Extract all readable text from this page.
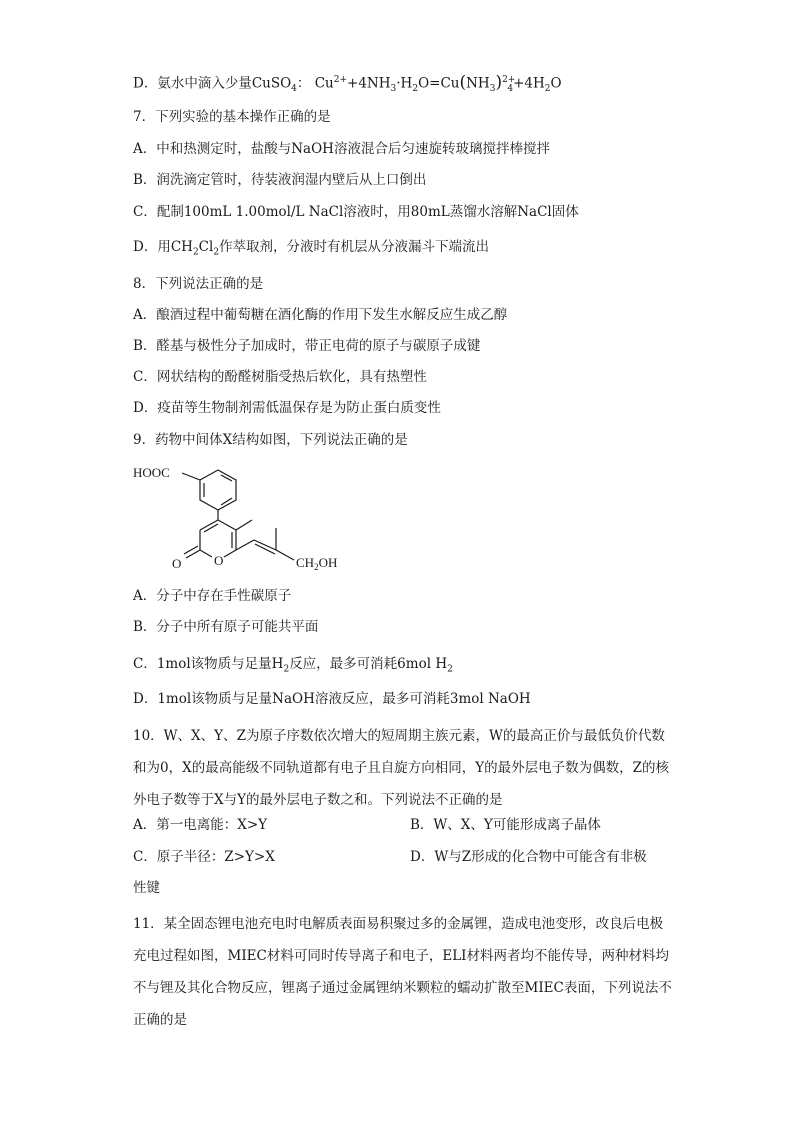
D．氨水中滴入少量CuSO$_4$： $Cu^{2+}+4NH_3\cdot H_2O=Cu(NH_3)^{2+}_4+4H_2O$
7．下列实验的基本操作正确的是
A．中和热测定时，盐酸与NaOH溶液混合后匀速旋转玻璃搅拌棒搅拌
B．润洗滴定管时，待装液润湿内壁后从上口倒出
C．配制100mL 1.00mol/L NaCl溶液时，用80mL蒸馏水溶解NaCl固体
D．用$CH_2Cl_2$作萃取剂，分液时有机层从分液漏斗下端流出
8．下列说法正确的是
A．酿酒过程中葡萄糖在酒化酶的作用下发生水解反应生成乙醇
B．醛基与极性分子加成时，带正电荷的原子与碳原子成键
C．网状结构的酚醛树脂受热后软化，具有热塑性
D．疫苗等生物制剂需低温保存是为防止蛋白质变性
9．药物中间体X结构如图，下列说法正确的是
HOOC
O
O	$CH_2OH$
A．分子中存在手性碳原子
B．分子中所有原子可能共平面
C．1mol该物质与足量$H_2$反应，最多可消耗6mol $H_2$
D．1mol该物质与足量NaOH溶液反应，最多可消耗3mol NaOH
10．W、X、Y、Z为原子序数依次增大的短周期主族元素，W的最高正价与最低负价代数和为0，X的最高能级不同轨道都有电子且自旋方向相同，Y的最外层电子数为偶数，Z的核外电子数等于X与Y的最外层电子数之和。下列说法不正确的是
A．第一电离能：X>Y	B．W、X、Y可能形成离子晶体
C．原子半径：Z>Y>X	D．W与Z形成的化合物中可能含有非极
性键
11．某全固态锂电池充电时电解质表面易积聚过多的金属锂，造成电池变形，改良后电极充电过程如图，MIEC材料可同时传导离子和电子，ELI材料两者均不能传导，两种材料均不与锂及其化合物反应，锂离子通过金属锂纳米颗粒的蠕动扩散至MIEC表面，下列说法不正确的是
